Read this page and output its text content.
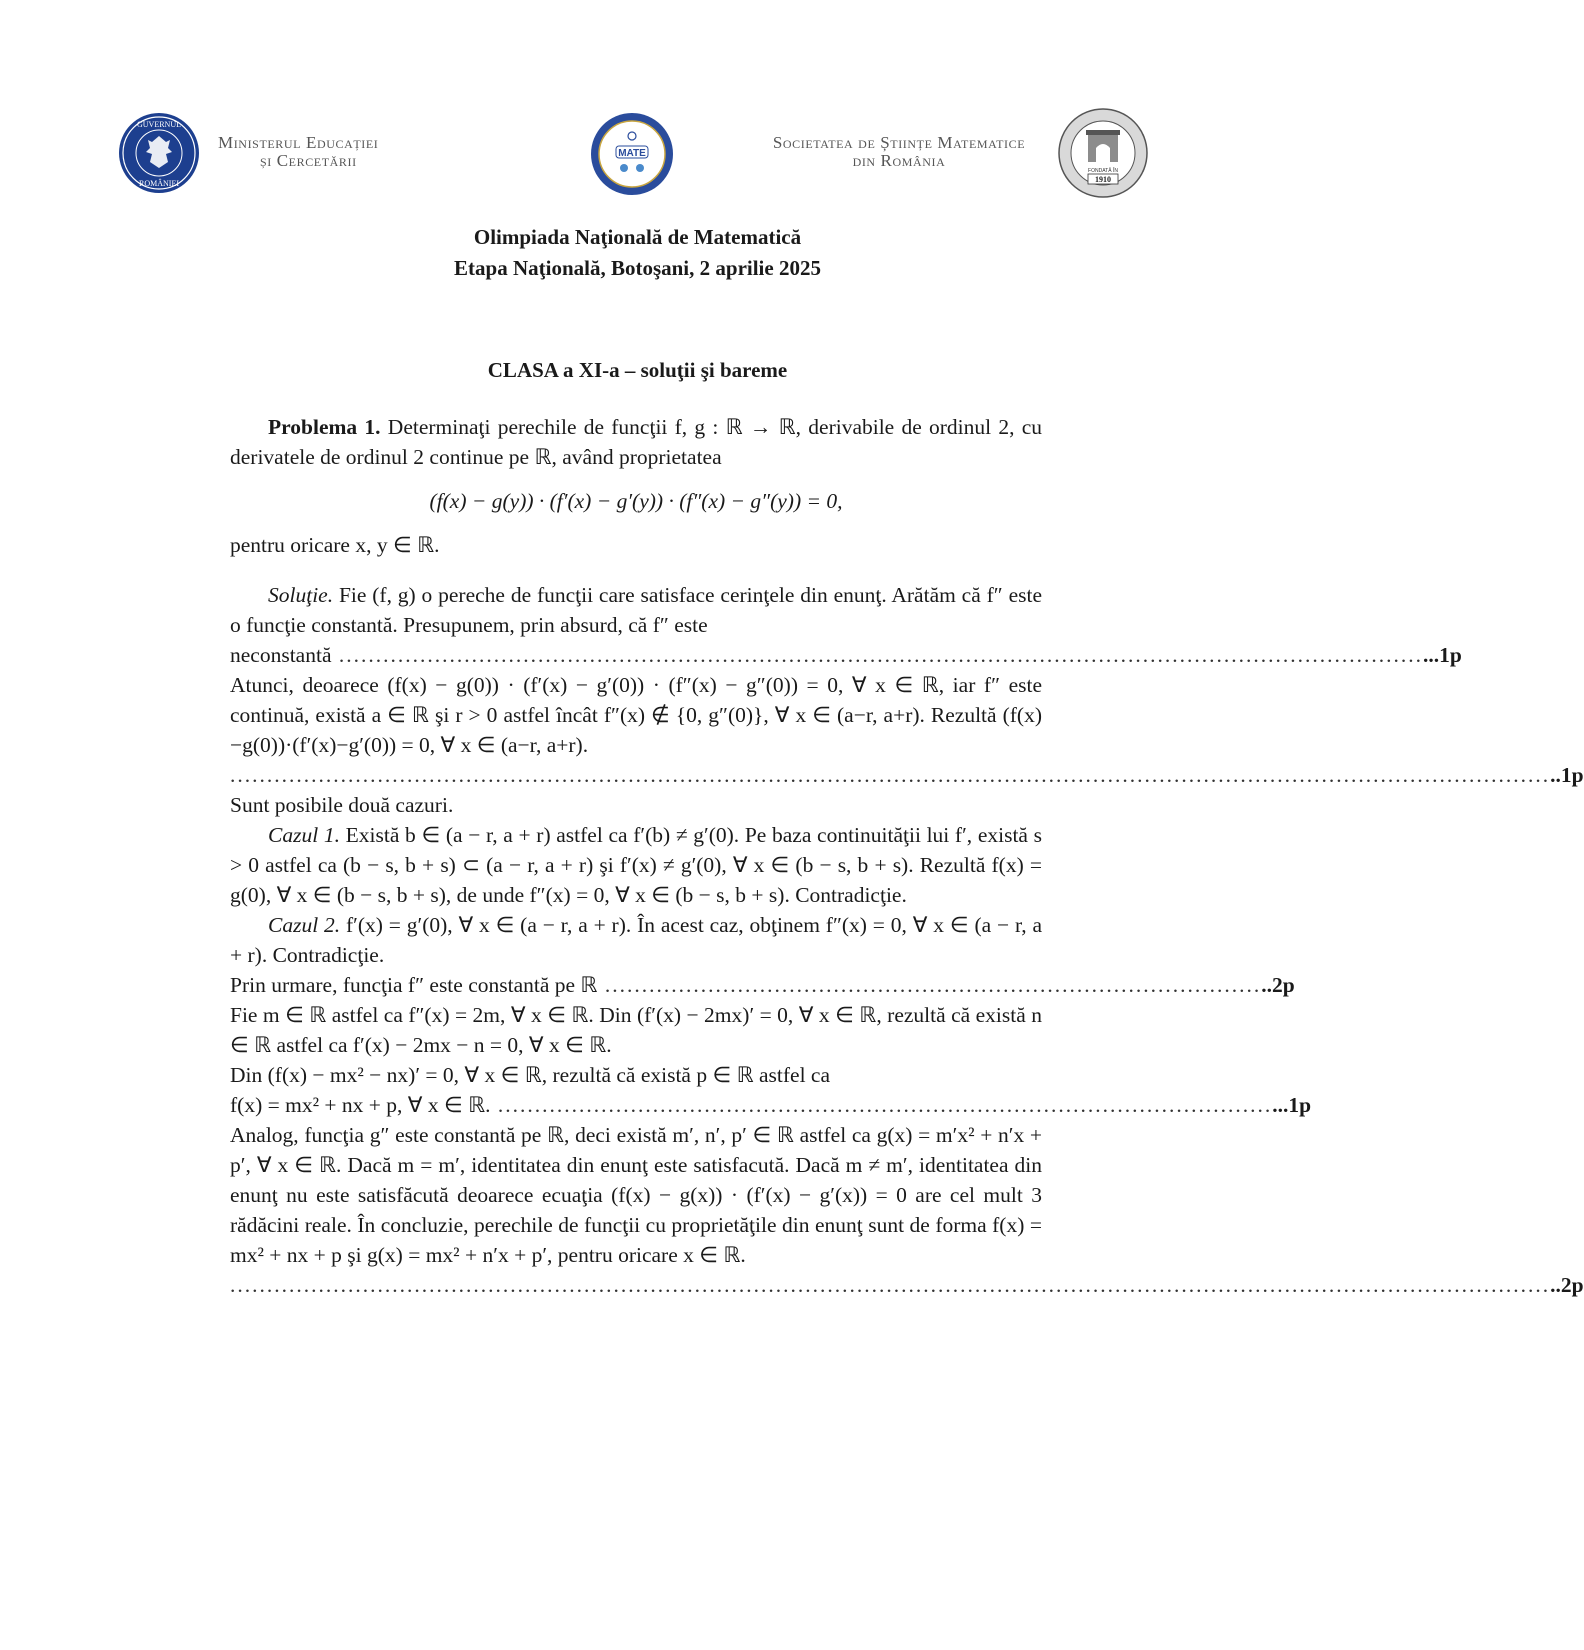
GUVERNUL
ROMÂNIEI
Ministerul Educației
și Cercetării	MATE
Societatea de Științe Matematice
din România
FONDATĂ ÎN
1910
Olimpiada Naţională de Matematică
Etapa Naţională, Botoşani, 2 aprilie 2025
CLASA a XI-a – soluţii şi bareme

Problema 1. Determinaţi perechile de funcţii f, g : ℝ → ℝ, derivabile de ordinul 2, cu derivatele de ordinul 2 continue pe ℝ, având proprietatea

(f(x) − g(y)) · (f′(x) − g′(y)) · (f″(x) − g″(y)) = 0,

pentru oricare x, y ∈ ℝ.

Soluţie. Fie (f, g) o pereche de funcţii care satisface cerinţele din enunţ. Arătăm că f″ este o funcţie constantă. Presupunem, prin absurd, că f″ este

neconstantă ................................................................................................................................................... ...1p

Atunci, deoarece (f(x) − g(0)) · (f′(x) − g′(0)) · (f″(x) − g″(0)) = 0, ∀ x ∈ ℝ, iar f″ este continuă, există a ∈ ℝ şi r > 0 astfel încât f″(x) ∉ {0, g″(0)}, ∀ x ∈ (a−r, a+r). Rezultă (f(x)−g(0))·(f′(x)−g′(0)) = 0, ∀ x ∈ (a−r, a+r).

................................................................................................................................................................................... ..1p

Sunt posibile două cazuri.

Cazul 1. Există b ∈ (a − r, a + r) astfel ca f′(b) ≠ g′(0). Pe baza continuităţii lui f′, există s > 0 astfel ca (b − s, b + s) ⊂ (a − r, a + r) şi f′(x) ≠ g′(0), ∀ x ∈ (b − s, b + s). Rezultă f(x) = g(0), ∀ x ∈ (b − s, b + s), de unde f″(x) = 0, ∀ x ∈ (b − s, b + s). Contradicţie.

Cazul 2. f′(x) = g′(0), ∀ x ∈ (a − r, a + r). În acest caz, obţinem f″(x) = 0, ∀ x ∈ (a − r, a + r). Contradicţie.

Prin urmare, funcţia f″ este constantă pe ℝ ......................................................................................... ..2p

Fie m ∈ ℝ astfel ca f″(x) = 2m, ∀ x ∈ ℝ. Din (f′(x) − 2mx)′ = 0, ∀ x ∈ ℝ, rezultă că există n ∈ ℝ astfel ca f′(x) − 2mx − n = 0, ∀ x ∈ ℝ.

Din (f(x) − mx² − nx)′ = 0, ∀ x ∈ ℝ, rezultă că există p ∈ ℝ astfel ca

f(x) = mx² + nx + p, ∀ x ∈ ℝ. ......................................................................................................... ...1p

Analog, funcţia g″ este constantă pe ℝ, deci există m′, n′, p′ ∈ ℝ astfel ca g(x) = m′x² + n′x + p′, ∀ x ∈ ℝ. Dacă m = m′, identitatea din enunţ este satisfacută. Dacă m ≠ m′, identitatea din enunţ nu este satisfăcută deoarece ecuaţia (f(x) − g(x)) · (f′(x) − g′(x)) = 0 are cel mult 3 rădăcini reale. În concluzie, perechile de funcţii cu proprietăţile din enunţ sunt de forma f(x) = mx² + nx + p şi g(x) = mx² + n′x + p′, pentru oricare x ∈ ℝ.

................................................................................................................................................................................... ..2p
